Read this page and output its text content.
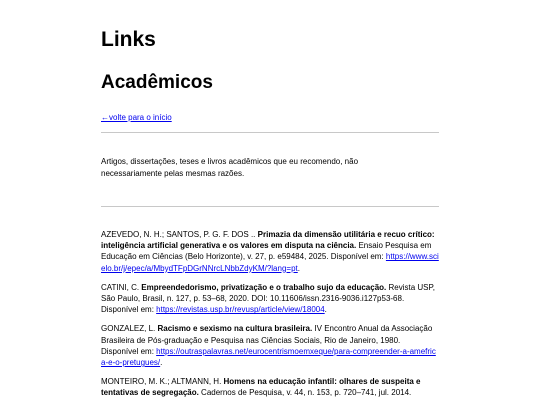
Links
Acadêmicos
←volte para o início

Artigos, dissertações, teses e livros acadêmicos que eu recomendo, não necessariamente pelas mesmas razões.

AZEVEDO, N. H.; SANTOS, P. G. F. DOS .. Primazia da dimensão utilitária e recuo crítico: inteligência artificial generativa e os valores em disputa na ciência. Ensaio Pesquisa em Educação em Ciências (Belo Horizonte), v. 27, p. e59484, 2025. Disponível em: https://www.scielo.br/j/epec/a/MbydTFpDGrNNrcLNbbZdyKM/?lang=pt.
CATINI, C. Empreendedorismo, privatização e o trabalho sujo da educação. Revista USP, São Paulo, Brasil, n. 127, p. 53–68, 2020. DOI: 10.11606/issn.2316-9036.i127p53-68. Disponível em: https://revistas.usp.br/revusp/article/view/18004.
GONZALEZ, L. Racismo e sexismo na cultura brasileira. IV Encontro Anual da Associação Brasileira de Pós-graduação e Pesquisa nas Ciências Sociais, Rio de Janeiro, 1980. Disponível em: https://outraspalavras.net/eurocentrismoemxeque/para-compreender-a-amefrica-e-o-pretugues/.
MONTEIRO, M. K.; ALTMANN, H. Homens na educação infantil: olhares de suspeita e tentativas de segregação. Cadernos de Pesquisa, v. 44, n. 153, p. 720–741, jul. 2014.
